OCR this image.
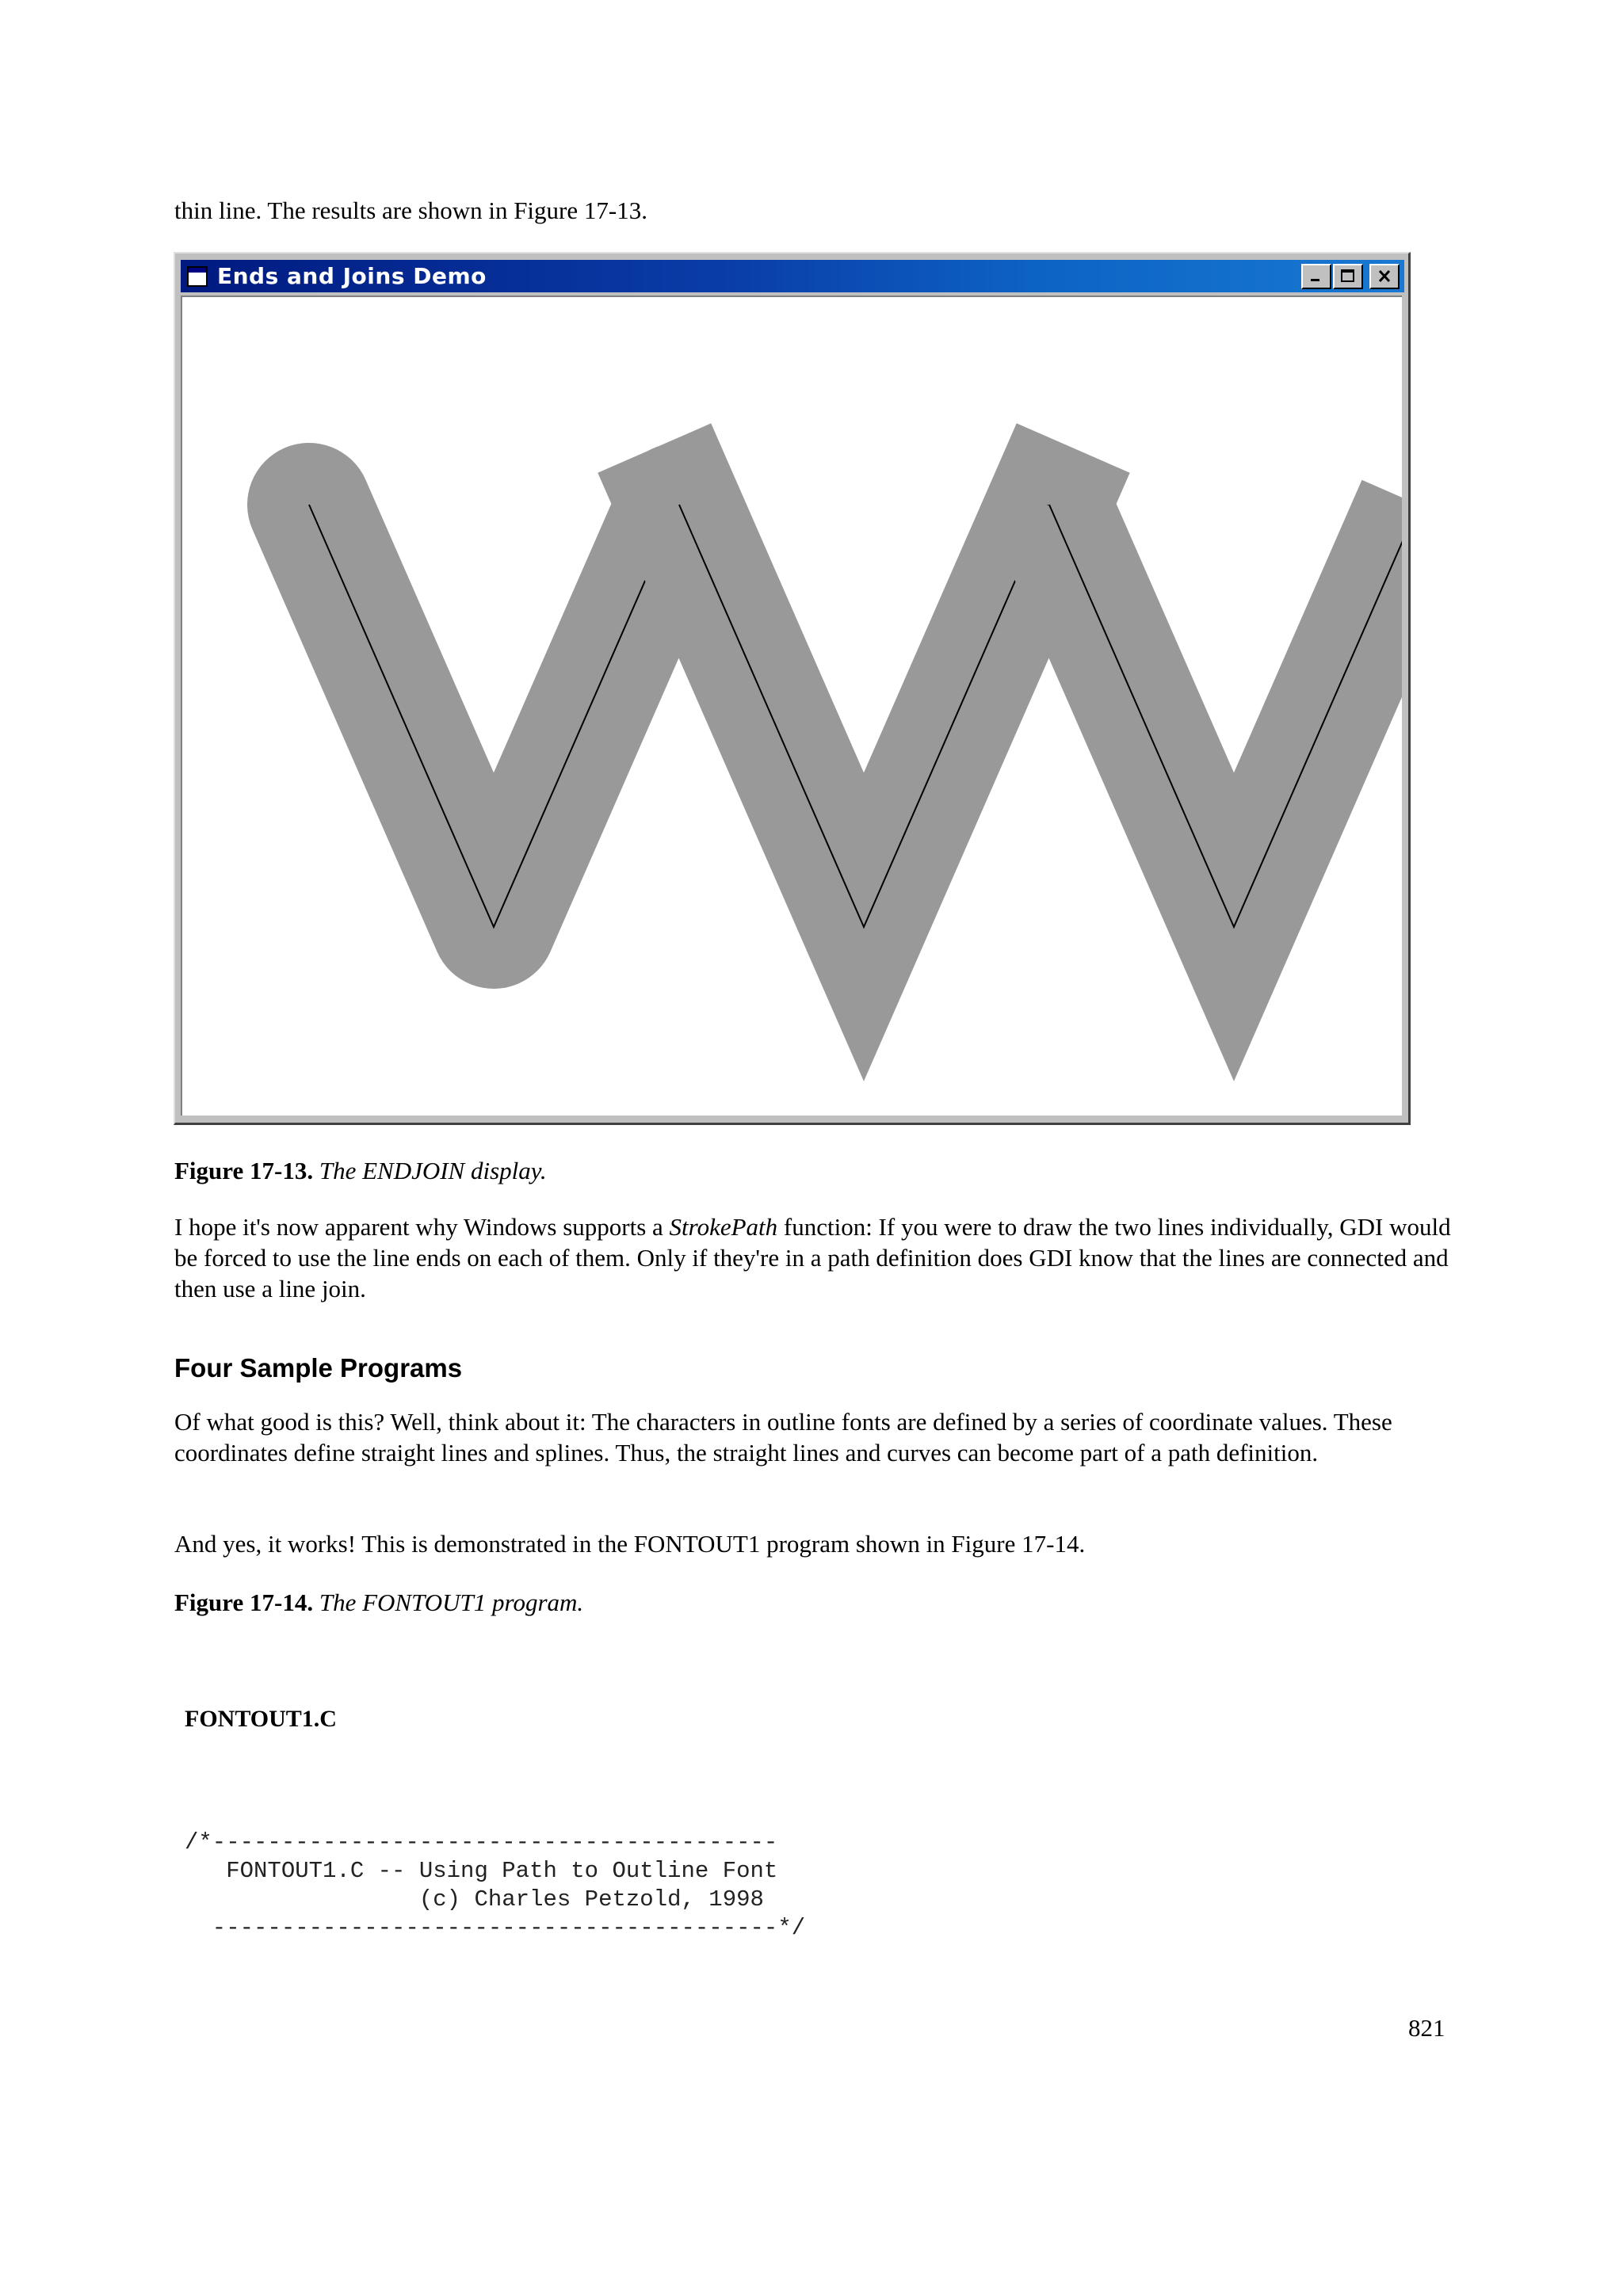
thin line. The results are shown in Figure 17-13.
Ends and Joins Demo
Figure 17-13. The ENDJOIN display.
I hope it's now apparent why Windows supports a StrokePath function: If you were to draw the two lines individually, GDI would be forced to use the line ends on each of them. Only if they're in a path definition does GDI know that the lines are connected and then use a line join.
Four Sample Programs
Of what good is this? Well, think about it: The characters in outline fonts are defined by a series of coordinate values. These coordinates define straight lines and splines. Thus, the straight lines and curves can become part of a path definition.
And yes, it works! This is demonstrated in the FONTOUT1 program shown in Figure 17-14.
Figure 17-14. The FONTOUT1 program.
FONTOUT1.C
/*-----------------------------------------
FONTOUT1.C -- Using Path to Outline Font
(c) Charles Petzold, 1998
-----------------------------------------*/
821
